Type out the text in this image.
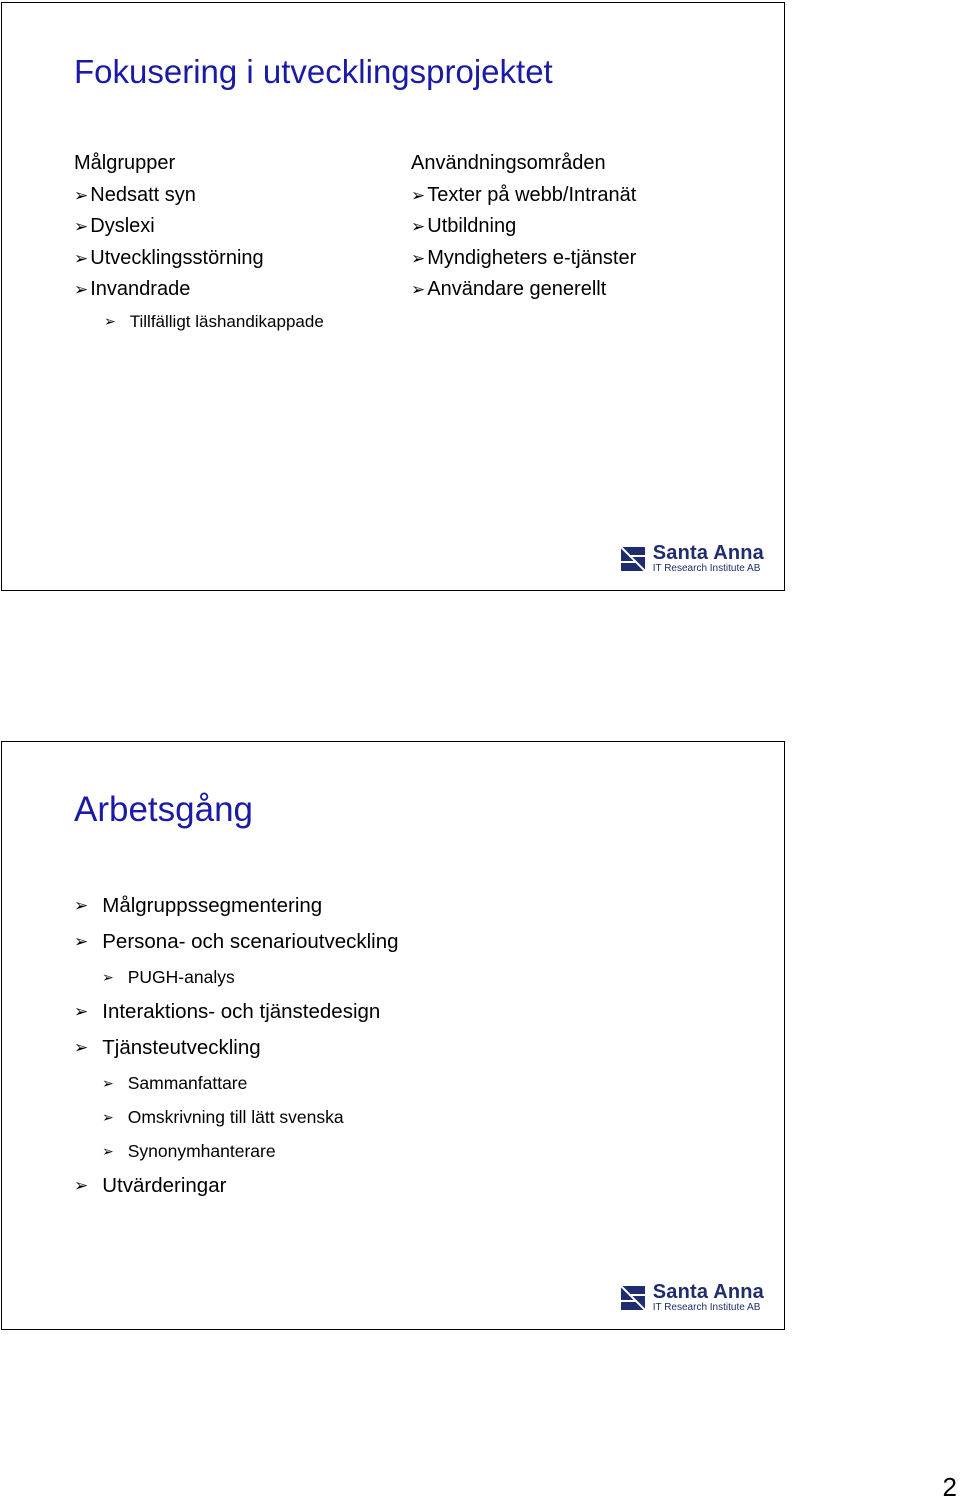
Fokusering i utvecklingsprojektet
Målgrupper
➢ Nedsatt syn
➢ Dyslexi
➢ Utvecklingsstörning
➢ Invandrade
➢ Tillfälligt läshandikappade
Användningsområden
➢ Texter på webb/Intranät
➢ Utbildning
➢ Myndigheters e-tjänster
➢ Användare generellt
Santa Anna
IT Research Institute AB
Arbetsgång
➢ Målgruppssegmentering
➢ Persona- och scenarioutveckling
➢ PUGH-analys
➢ Interaktions- och tjänstedesign
➢ Tjänsteutveckling
➢ Sammanfattare
➢ Omskrivning till lätt svenska
➢ Synonymhanterare
➢ Utvärderingar
Santa Anna
IT Research Institute AB
2
